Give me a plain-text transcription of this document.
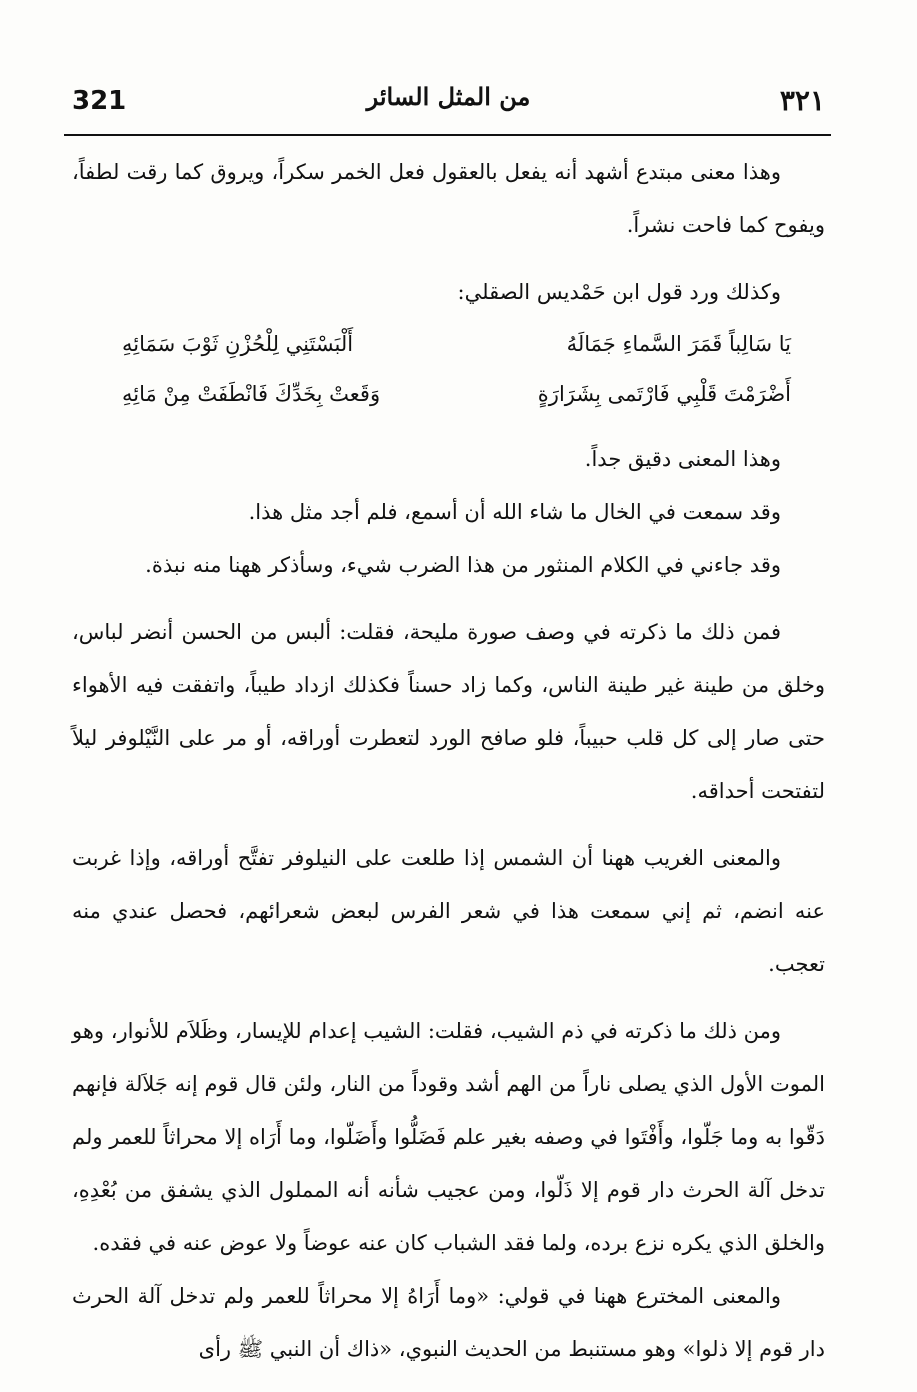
321	من المثل السائر	٣٢١

وهذا معنى مبتدع أشهد أنه يفعل بالعقول فعل الخمر سكراً، ويروق كما رقت لطفاً، ويفوح كما فاحت نشراً.

وكذلك ورد قول ابن حَمْديس الصقلي:

يَا سَالِباً قَمَرَ السَّماءِ جَمَالَهُ
أَلْبَسْتَنِي لِلْحُزْنِ ثَوْبَ سَمَائِهِ
أَضْرَمْتَ قَلْبِي فَارْتَمى بِشَرَارَةٍ
وَقَعتْ بِخَدِّكَ فَانْطَفَتْ مِنْ مَائِهِ

وهذا المعنى دقيق جداً.

وقد سمعت في الخال ما شاء الله أن أسمع، فلم أجد مثل هذا.

وقد جاءني في الكلام المنثور من هذا الضرب شيء، وسأذكر ههنا منه نبذة.

فمن ذلك ما ذكرته في وصف صورة مليحة، فقلت: ألبس من الحسن أنضر لباس، وخلق من طينة غير طينة الناس، وكما زاد حسناً فكذلك ازداد طيباً، واتفقت فيه الأهواء حتى صار إلى كل قلب حبيباً، فلو صافح الورد لتعطرت أوراقه، أو مر على النَّيْلوفر ليلاً لتفتحت أحداقه.

والمعنى الغريب ههنا أن الشمس إذا طلعت على النيلوفر تفتَّح أوراقه، وإذا غربت عنه انضم، ثم إني سمعت هذا في شعر الفرس لبعض شعرائهم، فحصل عندي منه تعجب.

ومن ذلك ما ذكرته في ذم الشيب، فقلت: الشيب إعدام للإيسار، وظَلاَم للأنوار، وهو الموت الأول الذي يصلى ناراً من الهم أشد وقوداً من النار، ولئن قال قوم إنه جَلاَلة فإنهم دَقّوا به وما جَلّوا، وأَفْتَوا في وصفه بغير علم فَضَلُّوا وأَضَلّوا، وما أَرَاه إلا محراثاً للعمر ولم تدخل آلة الحرث دار قوم إلا ذَلّوا، ومن عجيب شأنه أنه المملول الذي يشفق من بُعْدِهِ، والخلق الذي يكره نزع برده، ولما فقد الشباب كان عنه عوضاً ولا عوض عنه في فقده.

والمعنى المخترع ههنا في قولي: «وما أَرَاهُ إلا محراثاً للعمر ولم تدخل آلة الحرث دار قوم إلا ذلوا» وهو مستنبط من الحديث النبوي، «ذاك أن النبي ﷺ رأى
